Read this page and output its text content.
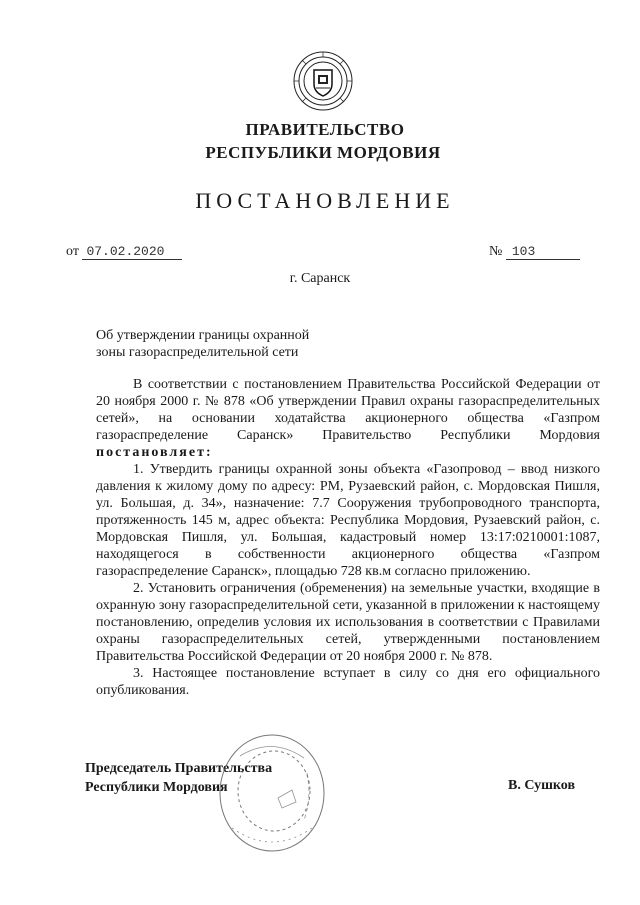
ПРАВИТЕЛЬСТВО
РЕСПУБЛИКИ МОРДОВИЯ
ПОСТАНОВЛЕНИЕ
от 07.02.2020	№ 103
г. Саранск
Об утверждении границы охранной
зоны газораспределительной сети

В соответствии с постановлением Правительства Российской Федерации от 20 ноября 2000 г. № 878 «Об утверждении Правил охраны газораспределительных сетей», на основании ходатайства акционерного общества «Газпром газораспределение Саранск» Правительство Республики Мордовия постановляет:

1. Утвердить границы охранной зоны объекта «Газопровод – ввод низкого давления к жилому дому по адресу: РМ, Рузаевский район, с. Мордовская Пишля, ул. Большая, д. 34», назначение: 7.7 Сооружения трубопроводного транспорта, протяженность 145 м, адрес объекта: Республика Мордовия, Рузаевский район, с. Мордовская Пишля, ул. Большая, кадастровый номер 13:17:0210001:1087, находящегося в собственности акционерного общества «Газпром газораспределение Саранск», площадью 728 кв.м согласно приложению.

2. Установить ограничения (обременения) на земельные участки, входящие в охранную зону газораспределительной сети, указанной в приложении к настоящему постановлению, определив условия их использования в соответствии с Правилами охраны газораспределительных сетей, утвержденными постановлением Правительства Российской Федерации от 20 ноября 2000 г. № 878.

3. Настоящее постановление вступает в силу со дня его официального опубликования.

Председатель Правительства
Республики Мордовия	В. Сушков
